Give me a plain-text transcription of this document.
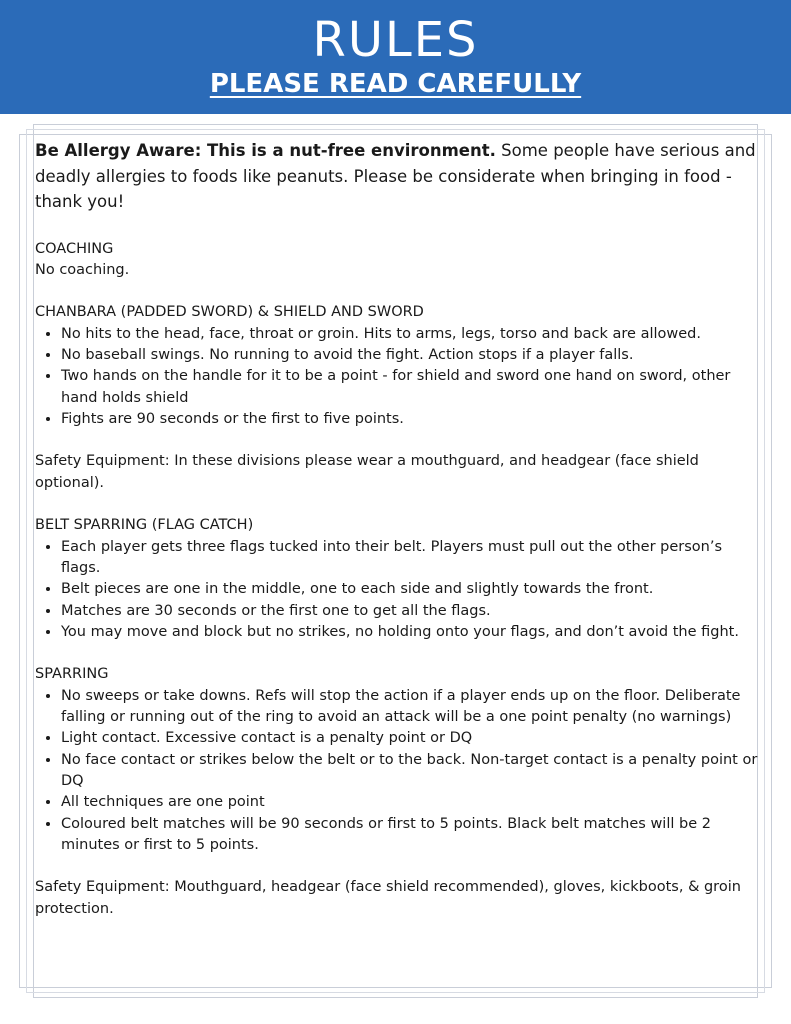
RULES
PLEASE READ CAREFULLY

Be Allergy Aware: This is a nut-free environment. Some people have serious and deadly allergies to foods like peanuts. Please be considerate when bringing in food - thank you!

COACHING

No coaching.

CHANBARA (PADDED SWORD) & SHIELD AND SWORD

• No hits to the head, face, throat or groin. Hits to arms, legs, torso and back are allowed.
• No baseball swings. No running to avoid the fight. Action stops if a player falls.
• Two hands on the handle for it to be a point - for shield and sword one hand on sword, other hand holds shield
• Fights are 90 seconds or the first to five points.

Safety Equipment: In these divisions please wear a mouthguard, and headgear (face shield optional).

BELT SPARRING (FLAG CATCH)

• Each player gets three flags tucked into their belt. Players must pull out the other person’s flags.
• Belt pieces are one in the middle, one to each side and slightly towards the front.
• Matches are 30 seconds or the first one to get all the flags.
• You may move and block but no strikes, no holding onto your flags, and don’t avoid the fight.

SPARRING

• No sweeps or take downs. Refs will stop the action if a player ends up on the floor. Deliberate falling or running out of the ring to avoid an attack will be a one point penalty (no warnings)
• Light contact. Excessive contact is a penalty point or DQ
• No face contact or strikes below the belt or to the back. Non-target contact is a penalty point or DQ
• All techniques are one point
• Coloured belt matches will be 90 seconds or first to 5 points. Black belt matches will be 2 minutes or first to 5 points.

Safety Equipment: Mouthguard, headgear (face shield recommended), gloves, kickboots, & groin protection.
